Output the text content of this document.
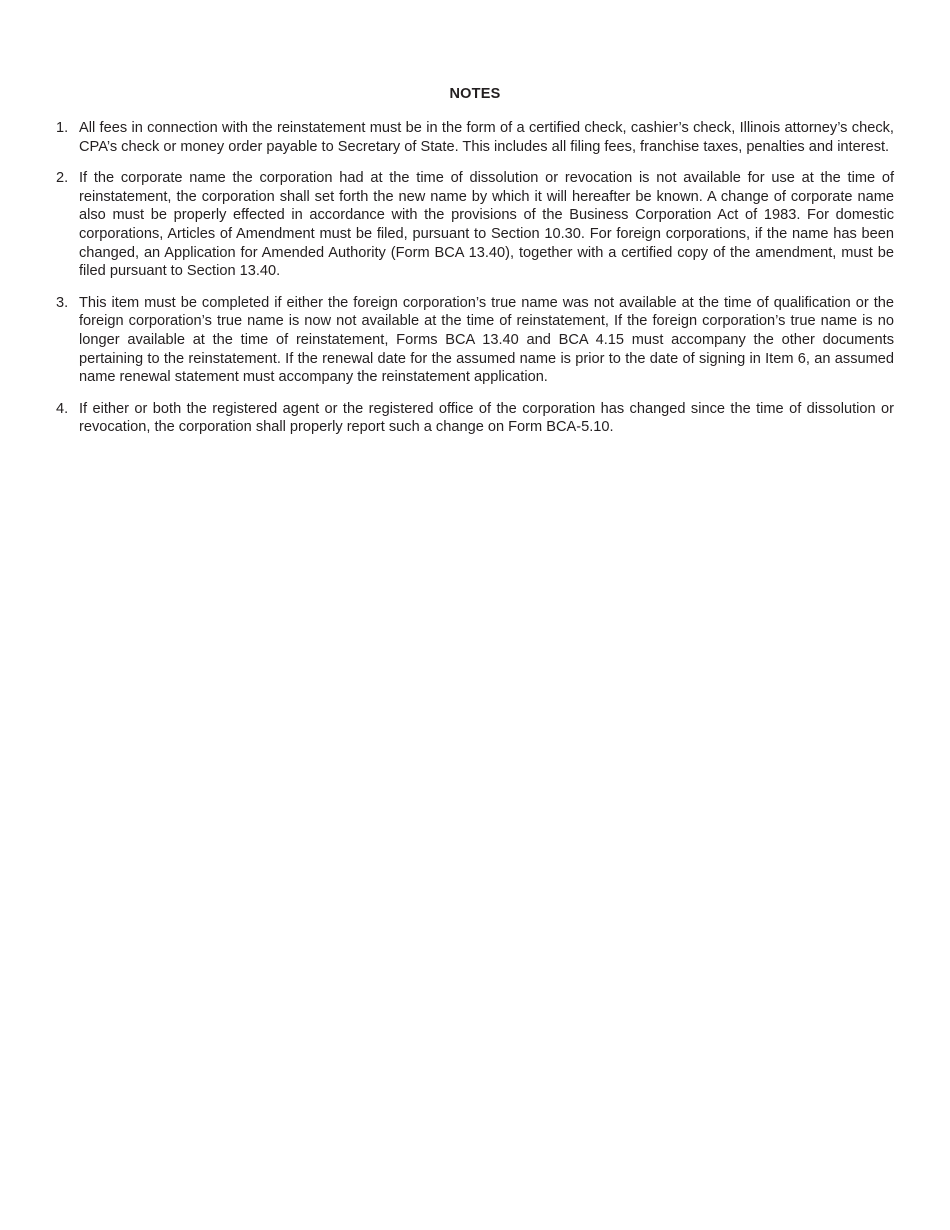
NOTES
1. All fees in connection with the reinstatement must be in the form of a certified check, cashier’s check, Illinois attorney’s check, CPA’s check or money order payable to Secretary of State. This includes all filing fees, franchise taxes, penalties and interest.
2. If the corporate name the corporation had at the time of dissolution or revocation is not available for use at the time of reinstatement, the corporation shall set forth the new name by which it will hereafter be known. A change of corporate name also must be properly effected in accordance with the provisions of the Business Corporation Act of 1983. For domestic corporations, Articles of Amendment must be filed, pursuant to Section 10.30. For foreign corporations, if the name has been changed, an Application for Amended Authority (Form BCA 13.40), together with a certified copy of the amendment, must be filed pursuant to Section 13.40.
3. This item must be completed if either the foreign corporation’s true name was not available at the time of qualification or the foreign corporation’s true name is now not available at the time of reinstatement, If the foreign corporation’s true name is no longer available at the time of reinstatement, Forms BCA 13.40 and BCA 4.15 must accompany the other documents pertaining to the reinstatement. If the renewal date for the assumed name is prior to the date of signing in Item 6, an assumed name renewal statement must accompany the reinstatement application.
4. If either or both the registered agent or the registered office of the corporation has changed since the time of dissolution or revocation, the corporation shall properly report such a change on Form BCA-5.10.
